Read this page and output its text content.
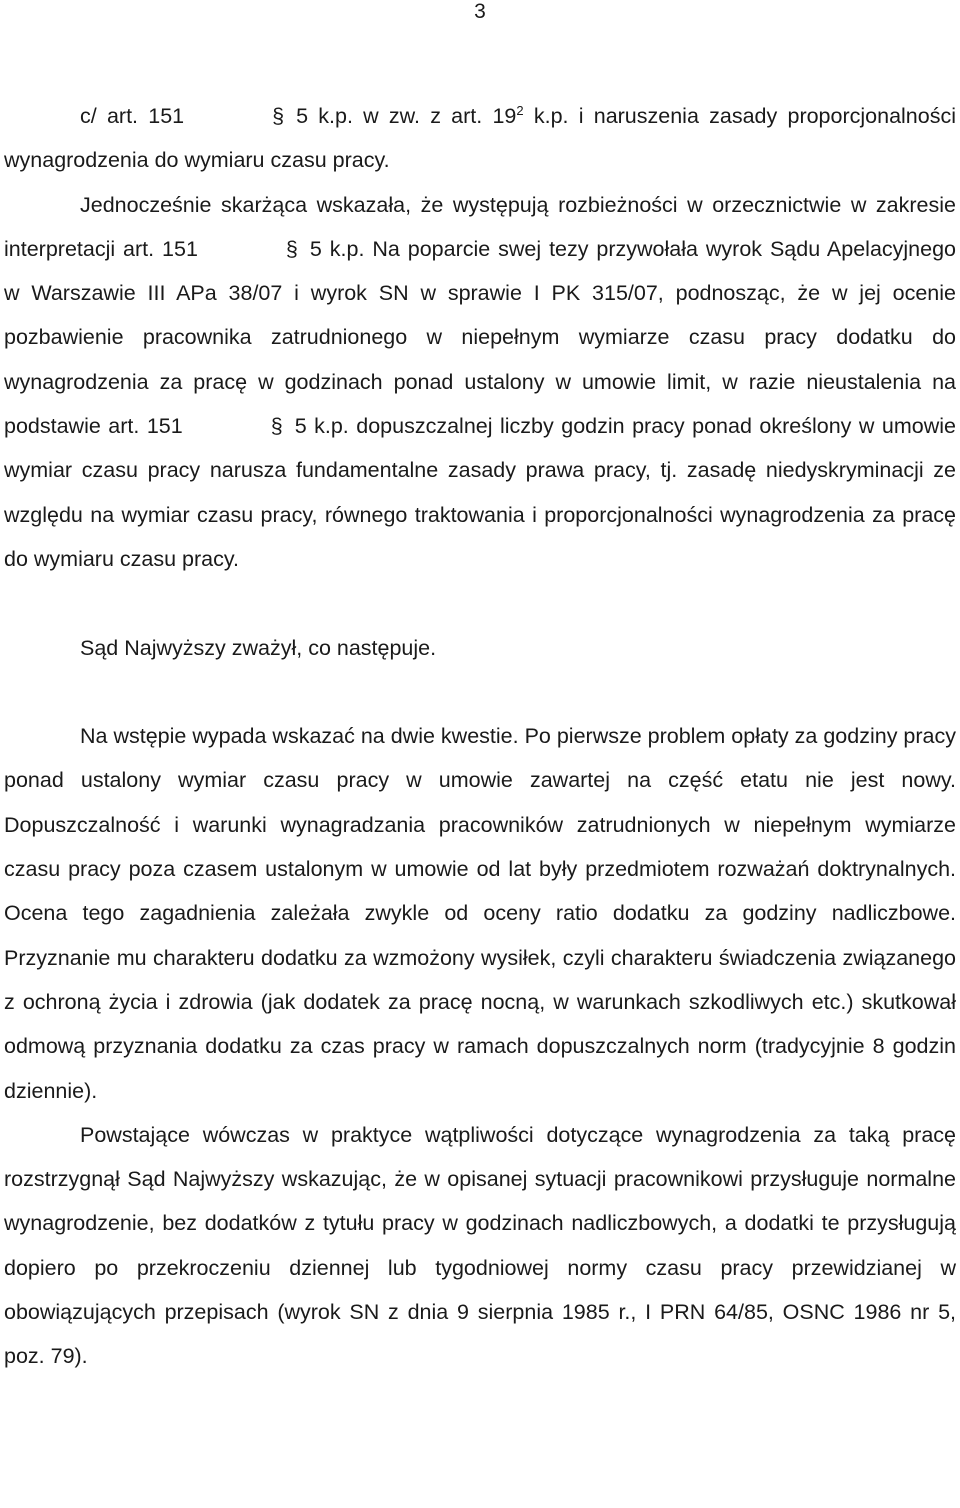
3

c/ art. 151	§ 5 k.p. w zw. z art. $19^2$ k.p. i naruszenia zasady proporcjonalności wynagrodzenia do wymiaru czasu pracy.

Jednocześnie skarżąca wskazała, że występują rozbieżności w orzecznictwie w zakresie interpretacji art. 151	§ 5 k.p. Na poparcie swej tezy przywołała wyrok Sądu Apelacyjnego w Warszawie III APa 38/07 i wyrok SN w sprawie I PK 315/07, podnosząc, że w jej ocenie pozbawienie pracownika zatrudnionego w niepełnym wymiarze czasu pracy dodatku do wynagrodzenia za pracę w godzinach ponad ustalony w umowie limit, w razie nieustalenia na podstawie art. 151	§ 5 k.p. dopuszczalnej liczby godzin pracy ponad określony w umowie wymiar czasu pracy narusza fundamentalne zasady prawa pracy, tj. zasadę niedyskryminacji ze względu na wymiar czasu pracy, równego traktowania i proporcjonalności wynagrodzenia za pracę do wymiaru czasu pracy.

Sąd Najwyższy zważył, co następuje.

Na wstępie wypada wskazać na dwie kwestie. Po pierwsze problem opłaty za godziny pracy ponad ustalony wymiar czasu pracy w umowie zawartej na część etatu nie jest nowy. Dopuszczalność i warunki wynagradzania pracowników zatrudnionych w niepełnym wymiarze czasu pracy poza czasem ustalonym w umowie od lat były przedmiotem rozważań doktrynalnych. Ocena tego zagadnienia zależała zwykle od oceny ratio dodatku za godziny nadliczbowe. Przyznanie mu charakteru dodatku za wzmożony wysiłek, czyli charakteru świadczenia związanego z ochroną życia i zdrowia (jak dodatek za pracę nocną, w warunkach szkodliwych etc.) skutkował odmową przyznania dodatku za czas pracy w ramach dopuszczalnych norm (tradycyjnie 8 godzin dziennie).

Powstające wówczas w praktyce wątpliwości dotyczące wynagrodzenia za taką pracę rozstrzygnął Sąd Najwyższy wskazując, że w opisanej sytuacji pracownikowi przysługuje normalne wynagrodzenie, bez dodatków z tytułu pracy w godzinach nadliczbowych, a dodatki te przysługują dopiero po przekroczeniu dziennej lub tygodniowej normy czasu pracy przewidzianej w obowiązujących przepisach (wyrok SN z dnia 9 sierpnia 1985 r., I PRN 64/85, OSNC 1986 nr 5, poz. 79).
